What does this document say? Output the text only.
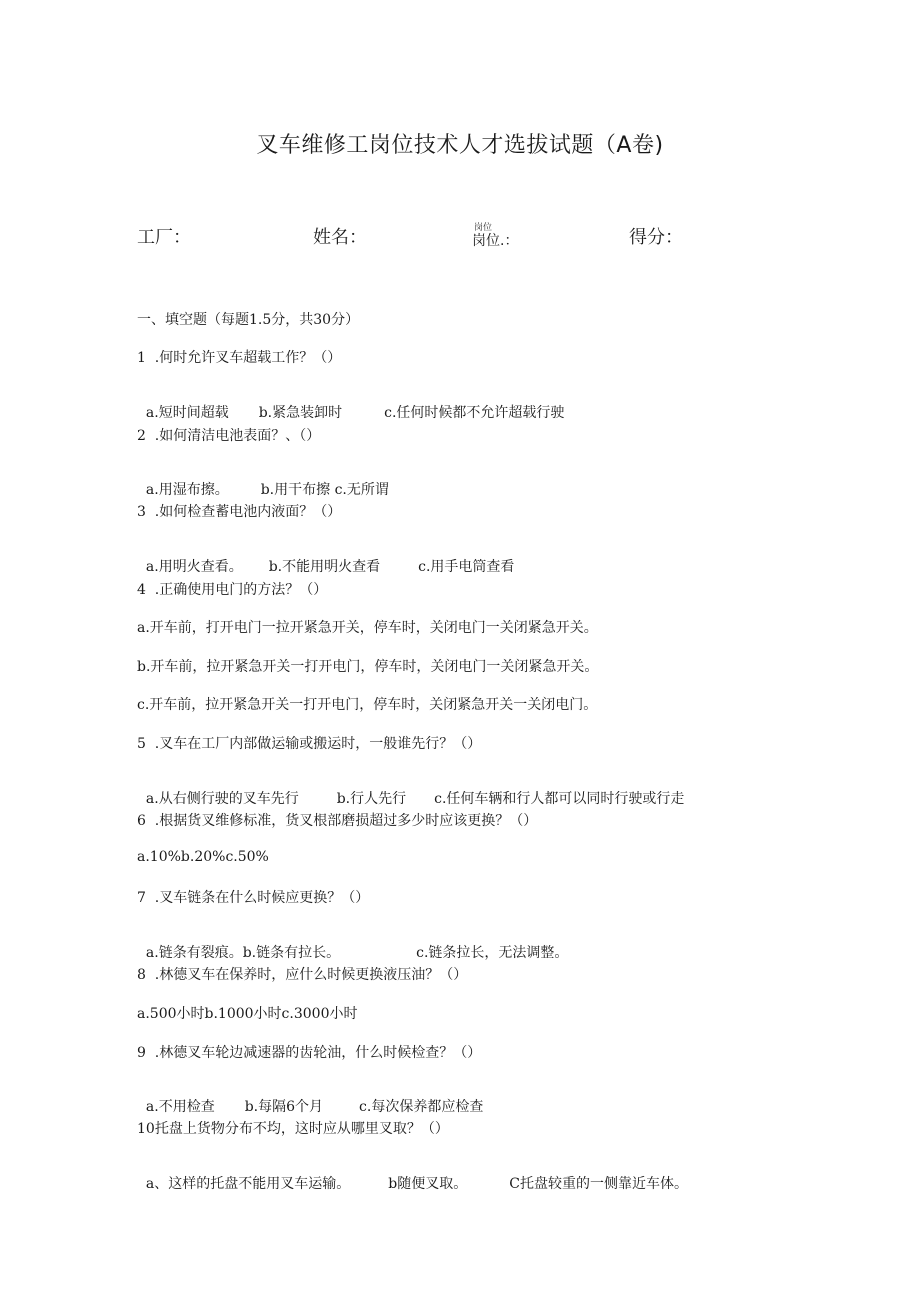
叉车维修工岗位技术人才选拔试题（A卷)
工厂：	姓名：	岗位
岗位.：	得分：
一、填空题（每题1.5分，共30分）
1  .何时允许叉车超载工作？（）

a.短时间超载 b.紧急装卸时	c.任何时候都不允许超载行驶

2  .如何清洁电池表面？、（）

a.用湿布擦。 b.用干布擦 c.无所谓

3  .如何检查蓄电池内液面？（）

a.用明火查看。 b.不能用明火查看	c.用手电筒查看

4  .正确使用电门的方法？（）
a.开车前，打开电门一拉开紧急开关，停车时，关闭电门一关闭紧急开关。
b.开车前，拉开紧急开关一打开电门，停车时，关闭电门一关闭紧急开关。
c.开车前，拉开紧急开关一打开电门，停车时，关闭紧急开关一关闭电门。
5  .叉车在工厂内部做运输或搬运时，一般谁先行？（）

a.从右侧行驶的叉车先行	b.行人先行 c.任何车辆和行人都可以同时行驶或行走

6  .根据货叉维修标准，货叉根部磨损超过多少时应该更换？（）
a.10%b.20%c.50%
7  .叉车链条在什么时候应更换？（）

a.链条有裂痕。b.链条有拉长。	c.链条拉长，无法调整。

8  .林德叉车在保养时，应什么时候更换液压油？（）
a.500小时b.1000小时c.3000小时
9  .林德叉车轮边减速器的齿轮油，什么时候检查？（）

a.不用检查 b.每隔6个月	c.每次保养都应检查

10托盘上货物分布不均，这时应从哪里叉取？（）

a、这样的托盘不能用叉车运输。	b随便叉取。	C托盘较重的一侧靠近车体。
